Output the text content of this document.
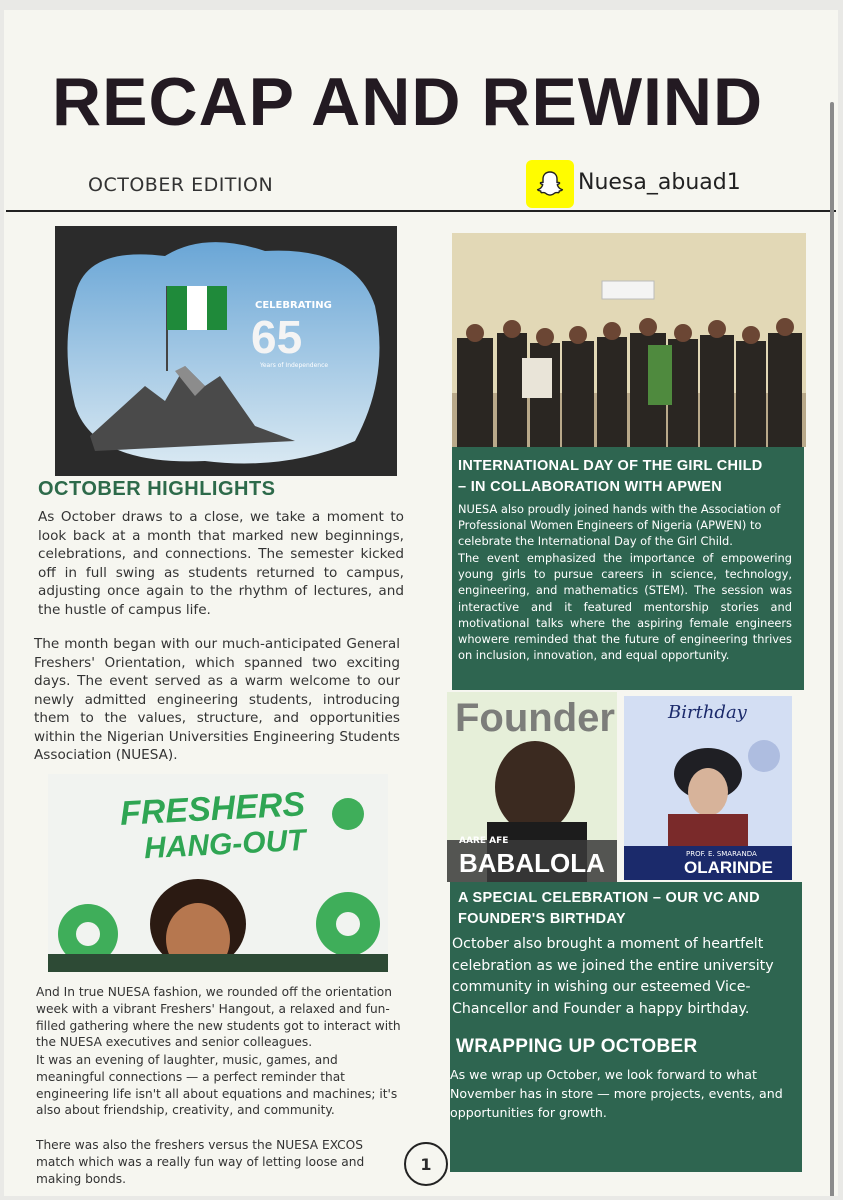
RECAP AND REWIND
OCTOBER EDITION	Nuesa_abuad1
CELEBRATING
65
Years of Independence
OCTOBER HIGHLIGHTS
As October draws to a close, we take a moment to look back at a month that marked new beginnings, celebrations, and connections. The semester kicked off in full swing as students returned to campus, adjusting once again to the rhythm of lectures, and the hustle of campus life.
The month began with our much-anticipated General Freshers' Orientation, which spanned two exciting days. The event served as a warm welcome to our newly admitted engineering students, introducing them to the values, structure, and opportunities within the Nigerian Universities Engineering Students Association (NUESA).
FRESHERS
HANG-OUT
And In true NUESA fashion, we rounded off the orientation week with a vibrant Freshers' Hangout, a relaxed and fun-filled gathering where the new students got to interact with the NUESA executives and senior colleagues.
It was an evening of laughter, music, games, and meaningful connections — a perfect reminder that engineering life isn't all about equations and machines; it's also about friendship, creativity, and community.
There was also the freshers versus the NUESA EXCOS match which was a really fun way of letting loose and making bonds.
1
INTERNATIONAL DAY OF THE GIRL CHILD
– IN COLLABORATION WITH APWEN
NUESA also proudly joined hands with the Association of Professional Women Engineers of Nigeria (APWEN) to celebrate the International Day of the Girl Child.
The event emphasized the importance of empowering young girls to pursue careers in science, technology, engineering, and mathematics (STEM). The session was interactive and it featured mentorship stories and motivational talks where the aspiring female engineers whowere reminded that the future of engineering thrives on inclusion, innovation, and equal opportunity.
Founder
AARE AFE
BABALOLA
Birthday
PROF. E. SMARANDA
OLARINDE
A SPECIAL CELEBRATION – OUR VC AND
FOUNDER'S BIRTHDAY
October also brought a moment of heartfelt celebration as we joined the entire university community in wishing our esteemed Vice-Chancellor and Founder a happy birthday.
WRAPPING UP OCTOBER
As we wrap up October, we look forward to what November has in store — more projects, events, and opportunities for growth.
